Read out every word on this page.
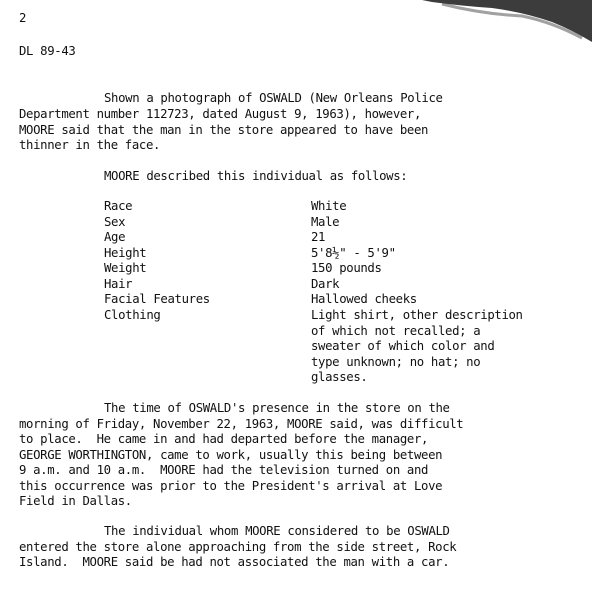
2
DL 89-43
Shown a photograph of OSWALD (New Orleans Police
Department number 112723, dated August 9, 1963), however,
MOORE said that the man in the store appeared to have been
thinner in the face.
MOORE described this individual as follows:
Race	White
Sex	Male
Age	21
Height	5'8½" - 5'9"
Weight	150 pounds
Hair	Dark
Facial Features	Hallowed cheeks
Clothing	Light shirt, other description
of which not recalled; a
sweater of which color and
type unknown; no hat; no
glasses.
The time of OSWALD's presence in the store on the
morning of Friday, November 22, 1963, MOORE said, was difficult
to place.  He came in and had departed before the manager,
GEORGE WORTHINGTON, came to work, usually this being between
9 a.m. and 10 a.m.  MOORE had the television turned on and
this occurrence was prior to the President's arrival at Love
Field in Dallas.
The individual whom MOORE considered to be OSWALD
entered the store alone approaching from the side street, Rock
Island.  MOORE said be had not associated the man with a car.
